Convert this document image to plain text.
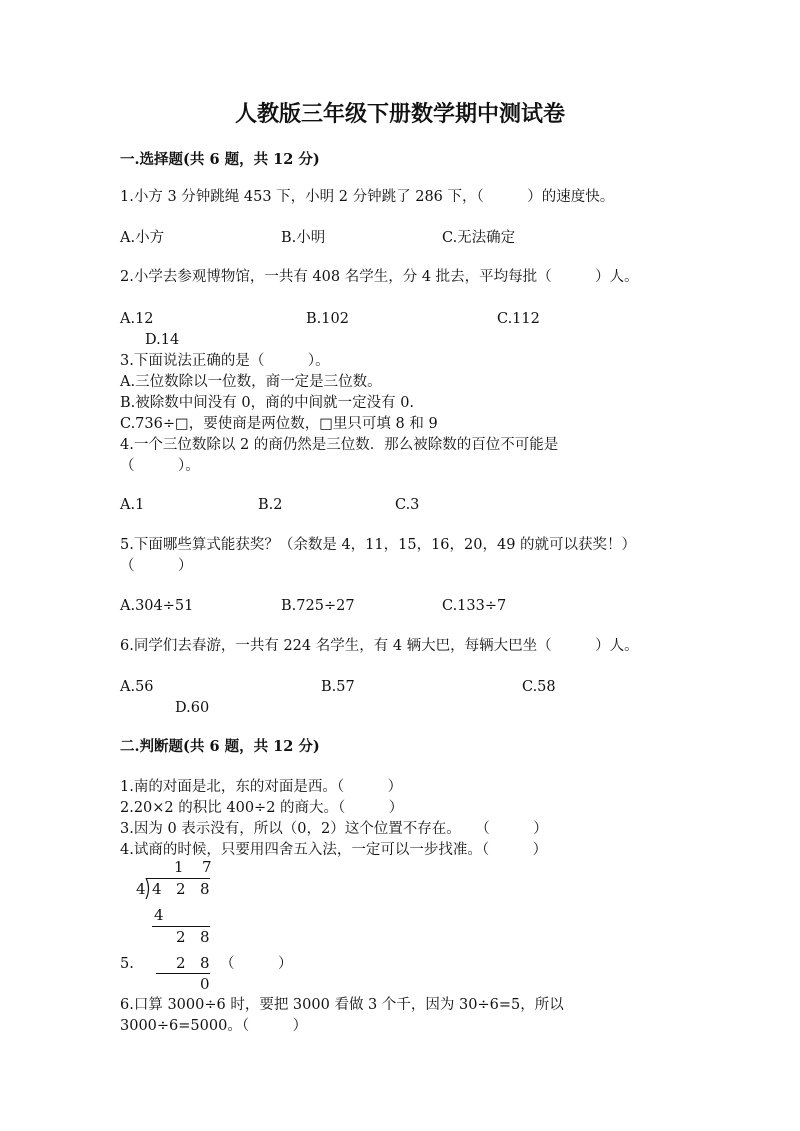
人教版三年级下册数学期中测试卷
一.选择题(共 6 题，共 12 分)
1.小方 3 分钟跳绳 453 下，小明 2 分钟跳了 286 下，（　　　）的速度快。
A.小方	B.小明	C.无法确定
2.小学去参观博物馆，一共有 408 名学生，分 4 批去，平均每批（　　　）人。
A.12	B.102	C.112
D.14
3.下面说法正确的是（　　　）。
A.三位数除以一位数，商一定是三位数。
B.被除数中间没有 0，商的中间就一定没有 0.
C.736÷□，要使商是两位数，□里只可填 8 和 9
4.一个三位数除以 2 的商仍然是三位数．那么被除数的百位不可能是
（　　　）。
A.1	B.2	C.3
5.下面哪些算式能获奖？（余数是 4，11，15，16，20，49 的就可以获奖！）
（　　　）
A.304÷51	B.725÷27	C.133÷7
6.同学们去春游，一共有 224 名学生，有 4 辆大巴，每辆大巴坐（　　　）人。
A.56	B.57	C.58
D.60
二.判断题(共 6 题，共 12 分)
1.南的对面是北，东的对面是西。（　　　）
2.20×2 的积比 400÷2 的商大。（　　　）
3.因为 0 表示没有，所以（0，2）这个位置不存在。　　（　　　）
4.试商的时候，只要用四舍五入法，一定可以一步找准。（　　　）
1 7
4 4 2 8
4
2 8
2 8
0
5.	（　　　）
6.口算 3000÷6 时，要把 3000 看做 3 个千，因为 30÷6=5，所以
3000÷6=5000。（　　　）
